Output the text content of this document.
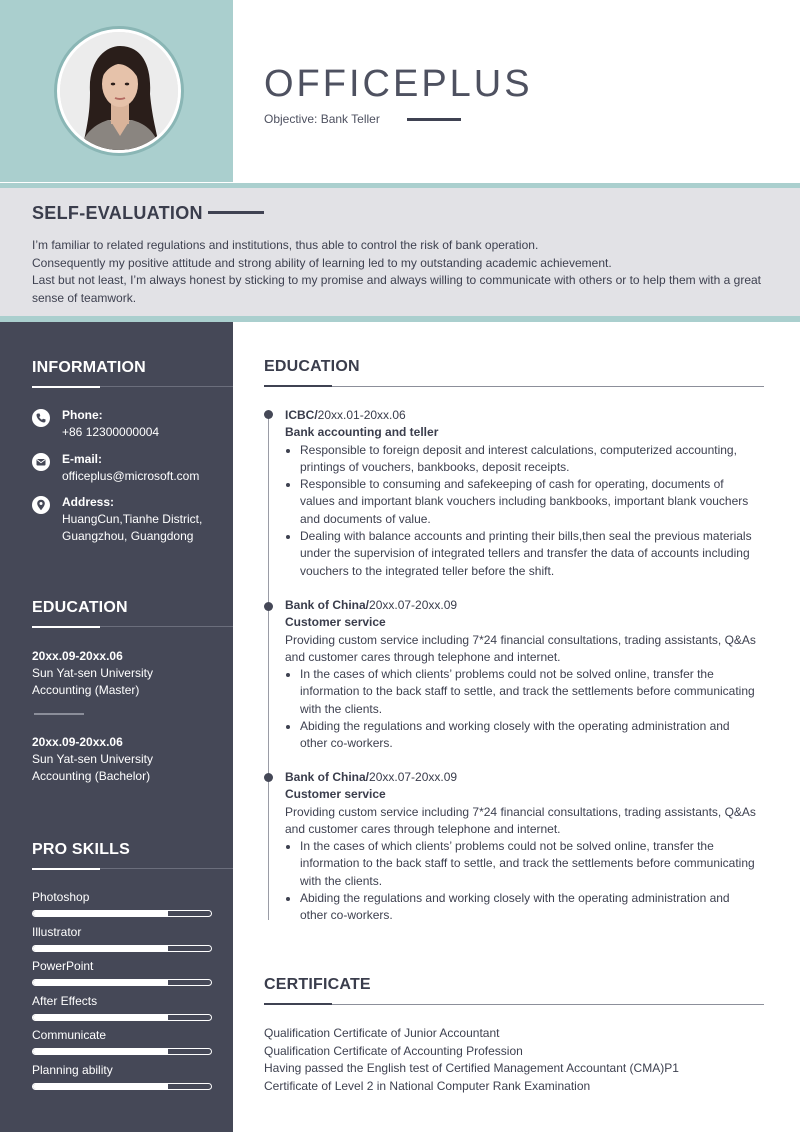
OFFICEPLUS
Objective: Bank Teller
SELF-EVALUATION

I’m familiar to related regulations and institutions, thus able to control the risk of bank operation.

Consequently my positive attitude and strong ability of learning led to my outstanding academic achievement.

Last but not least, I’m always honest by sticking to my promise and always willing to communicate with others or to help them with a great sense of teamwork.

INFORMATION
Phone:
+86 12300000004
E-mail:
officeplus@microsoft.com
Address:
HuangCun,Tianhe District,
Guangzhou, Guangdong
EDUCATION
20xx.09-20xx.06
Sun Yat-sen University
Accounting (Master)
20xx.09-20xx.06
Sun Yat-sen University
Accounting (Bachelor)
PRO SKILLS
Photoshop
Illustrator
PowerPoint
After Effects
Communicate
Planning ability
EDUCATION
ICBC/20xx.01-20xx.06
Bank accounting and teller
• Responsible to foreign deposit and interest calculations, computerized accounting, printings of vouchers, bankbooks, deposit receipts.
• Responsible to consuming and safekeeping of cash for operating, documents of values and important blank vouchers including bankbooks, important blank vouchers and documents of value.
• Dealing with balance accounts and printing their bills,then seal the previous materials under the supervision of integrated tellers and transfer the data of accounts including vouchers to the integrated teller before the shift.
Bank of China/20xx.07-20xx.09
Customer service

Providing custom service including 7*24 financial consultations, trading assistants, Q&As and customer cares through telephone and internet.

• In the cases of which clients’ problems could not be solved online, transfer the information to the back staff to settle, and track the settlements before communicating with the clients.
• Abiding the regulations and working closely with the operating administration and other co-workers.
Bank of China/20xx.07-20xx.09
Customer service

Providing custom service including 7*24 financial consultations, trading assistants, Q&As and customer cares through telephone and internet.

• In the cases of which clients’ problems could not be solved online, transfer the information to the back staff to settle, and track the settlements before communicating with the clients.
• Abiding the regulations and working closely with the operating administration and other co-workers.
CERTIFICATE
Qualification Certificate of Junior Accountant
Qualification Certificate of Accounting Profession
Having passed the English test of Certified Management Accountant (CMA)P1
Certificate of Level 2 in National Computer Rank Examination
